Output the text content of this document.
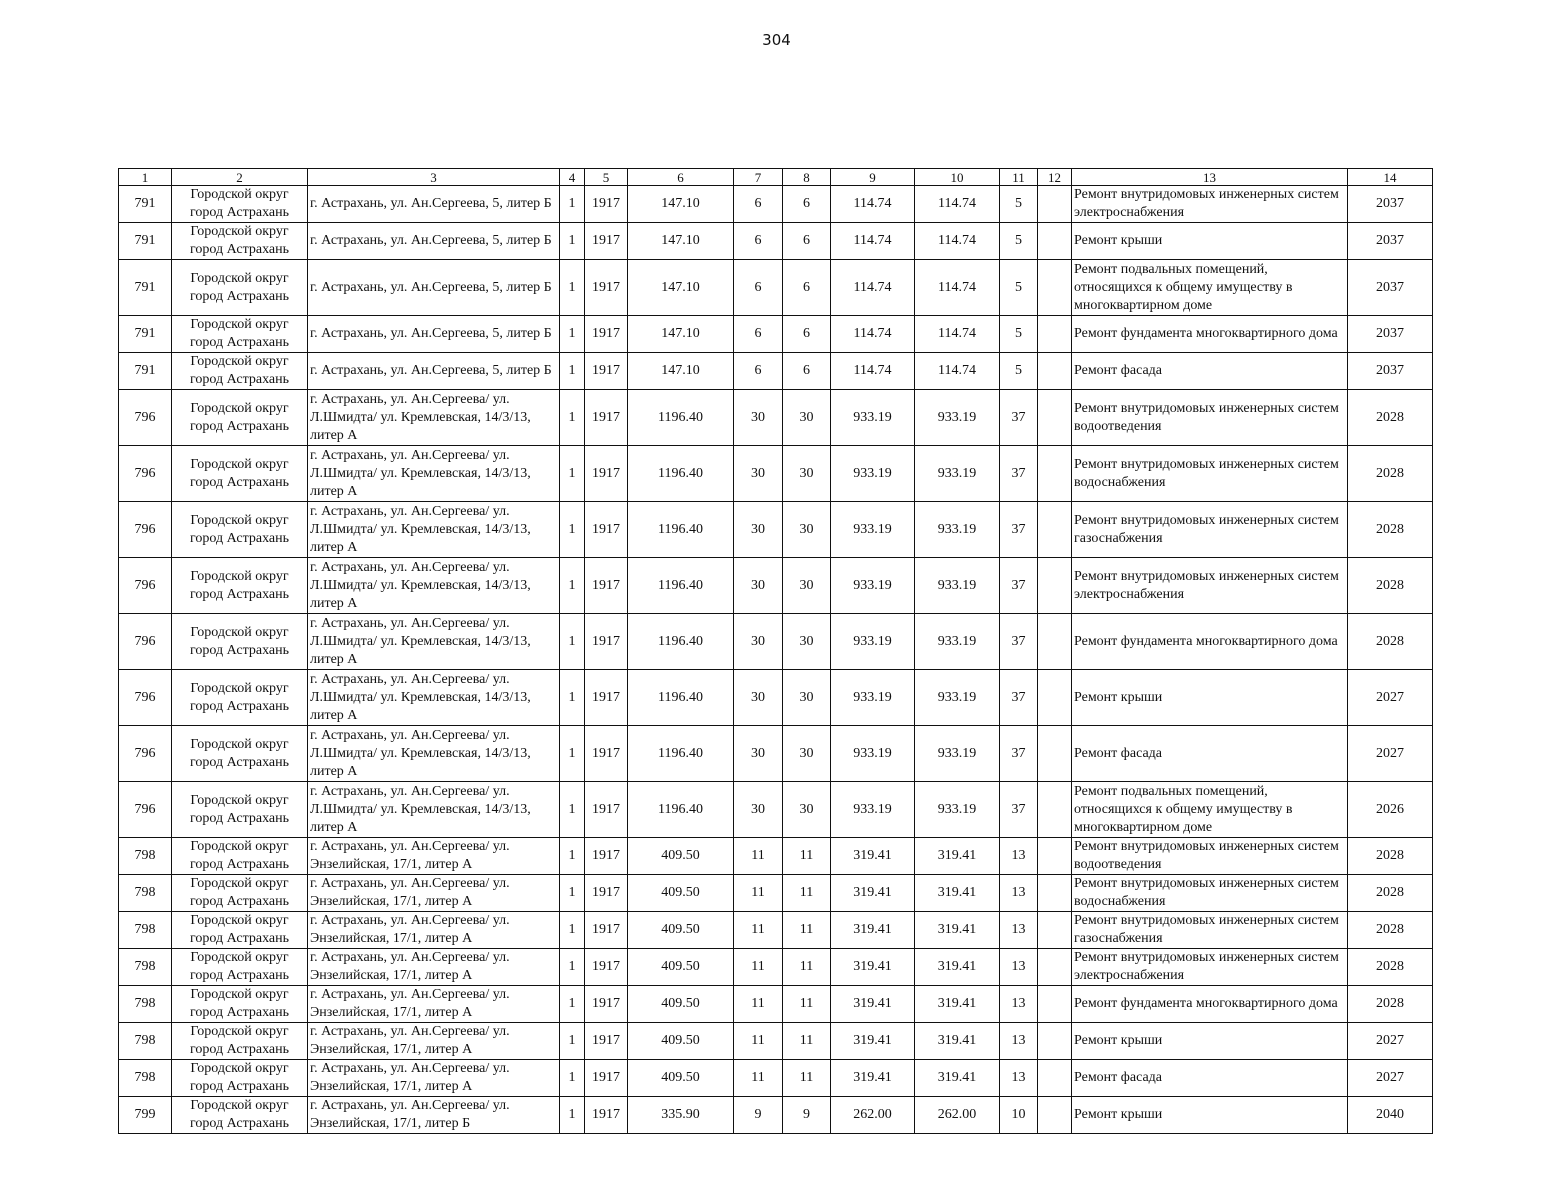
304
1	2	3	4	5	6	7	8	9	10	11	12	13	14
791	Городской округ город Астрахань	г. Астрахань, ул. Ан.Сергеева, 5, литер Б	1	1917	147.10	6	6	114.74	114.74	5		Ремонт внутридомовых инженерных систем электроснабжения	2037
791	Городской округ город Астрахань	г. Астрахань, ул. Ан.Сергеева, 5, литер Б	1	1917	147.10	6	6	114.74	114.74	5		Ремонт крыши	2037
791	Городской округ город Астрахань	г. Астрахань, ул. Ан.Сергеева, 5, литер Б	1	1917	147.10	6	6	114.74	114.74	5		Ремонт подвальных помещений, относящихся к общему имуществу в многоквартирном доме	2037
791	Городской округ город Астрахань	г. Астрахань, ул. Ан.Сергеева, 5, литер Б	1	1917	147.10	6	6	114.74	114.74	5		Ремонт фундамента многоквартирного дома	2037
791	Городской округ город Астрахань	г. Астрахань, ул. Ан.Сергеева, 5, литер Б	1	1917	147.10	6	6	114.74	114.74	5		Ремонт фасада	2037
796	Городской округ город Астрахань	г. Астрахань, ул. Ан.Сергеева/ ул. Л.Шмидта/ ул. Кремлевская, 14/3/13, литер А	1	1917	1196.40	30	30	933.19	933.19	37		Ремонт внутридомовых инженерных систем водоотведения	2028
796	Городской округ город Астрахань	г. Астрахань, ул. Ан.Сергеева/ ул. Л.Шмидта/ ул. Кремлевская, 14/3/13, литер А	1	1917	1196.40	30	30	933.19	933.19	37		Ремонт внутридомовых инженерных систем водоснабжения	2028
796	Городской округ город Астрахань	г. Астрахань, ул. Ан.Сергеева/ ул. Л.Шмидта/ ул. Кремлевская, 14/3/13, литер А	1	1917	1196.40	30	30	933.19	933.19	37		Ремонт внутридомовых инженерных систем газоснабжения	2028
796	Городской округ город Астрахань	г. Астрахань, ул. Ан.Сергеева/ ул. Л.Шмидта/ ул. Кремлевская, 14/3/13, литер А	1	1917	1196.40	30	30	933.19	933.19	37		Ремонт внутридомовых инженерных систем электроснабжения	2028
796	Городской округ город Астрахань	г. Астрахань, ул. Ан.Сергеева/ ул. Л.Шмидта/ ул. Кремлевская, 14/3/13, литер А	1	1917	1196.40	30	30	933.19	933.19	37		Ремонт фундамента многоквартирного дома	2028
796	Городской округ город Астрахань	г. Астрахань, ул. Ан.Сергеева/ ул. Л.Шмидта/ ул. Кремлевская, 14/3/13, литер А	1	1917	1196.40	30	30	933.19	933.19	37		Ремонт крыши	2027
796	Городской округ город Астрахань	г. Астрахань, ул. Ан.Сергеева/ ул. Л.Шмидта/ ул. Кремлевская, 14/3/13, литер А	1	1917	1196.40	30	30	933.19	933.19	37		Ремонт фасада	2027
796	Городской округ город Астрахань	г. Астрахань, ул. Ан.Сергеева/ ул. Л.Шмидта/ ул. Кремлевская, 14/3/13, литер А	1	1917	1196.40	30	30	933.19	933.19	37		Ремонт подвальных помещений, относящихся к общему имуществу в многоквартирном доме	2026
798	Городской округ город Астрахань	г. Астрахань, ул. Ан.Сергеева/ ул. Энзелийская, 17/1, литер А	1	1917	409.50	11	11	319.41	319.41	13		Ремонт внутридомовых инженерных систем водоотведения	2028
798	Городской округ город Астрахань	г. Астрахань, ул. Ан.Сергеева/ ул. Энзелийская, 17/1, литер А	1	1917	409.50	11	11	319.41	319.41	13		Ремонт внутридомовых инженерных систем водоснабжения	2028
798	Городской округ город Астрахань	г. Астрахань, ул. Ан.Сергеева/ ул. Энзелийская, 17/1, литер А	1	1917	409.50	11	11	319.41	319.41	13		Ремонт внутридомовых инженерных систем газоснабжения	2028
798	Городской округ город Астрахань	г. Астрахань, ул. Ан.Сергеева/ ул. Энзелийская, 17/1, литер А	1	1917	409.50	11	11	319.41	319.41	13		Ремонт внутридомовых инженерных систем электроснабжения	2028
798	Городской округ город Астрахань	г. Астрахань, ул. Ан.Сергеева/ ул. Энзелийская, 17/1, литер А	1	1917	409.50	11	11	319.41	319.41	13		Ремонт фундамента многоквартирного дома	2028
798	Городской округ город Астрахань	г. Астрахань, ул. Ан.Сергеева/ ул. Энзелийская, 17/1, литер А	1	1917	409.50	11	11	319.41	319.41	13		Ремонт крыши	2027
798	Городской округ город Астрахань	г. Астрахань, ул. Ан.Сергеева/ ул. Энзелийская, 17/1, литер А	1	1917	409.50	11	11	319.41	319.41	13		Ремонт фасада	2027
799	Городской округ город Астрахань	г. Астрахань, ул. Ан.Сергеева/ ул. Энзелийская, 17/1, литер Б	1	1917	335.90	9	9	262.00	262.00	10		Ремонт крыши	2040
